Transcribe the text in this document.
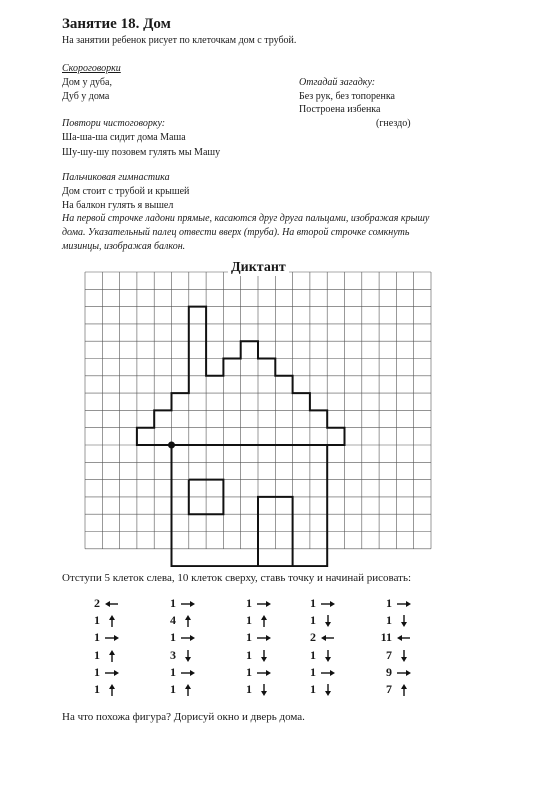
Занятие 18. Дом
На занятии ребенок рисует по клеточкам дом с трубой.
Скороговорки
Дом у дуба,
Дуб у дома
Отгадай загадку:
Без рук, без топоренка
Построена избенка
(гнездо)
Повтори чистоговорку:
Ша-ша-ша сидит дома Маша
Шу-шу-шу позовем гулять мы Машу
Пальчиковая гимнастика
Дом стоит с трубой и крышей
На балкон гулять я вышел
На первой строчке ладони прямые, касаются друг друга пальцами, изображая крышу
дома. Указательный палец отвести вверх (труба). На второй строчке сомкнуть
мизинцы, изображая балкон.
Диктант
Отступи 5 клеток слева, 10 клеток сверху, ставь точку и начинай рисовать:
2
1
1
1
1
1
1
4
1
3
1
1
1
1
1
1
1
1
1
1
2
1
1
1
1
1
11
7
9
7
На что похожа фигура? Дорисуй окно и дверь дома.
